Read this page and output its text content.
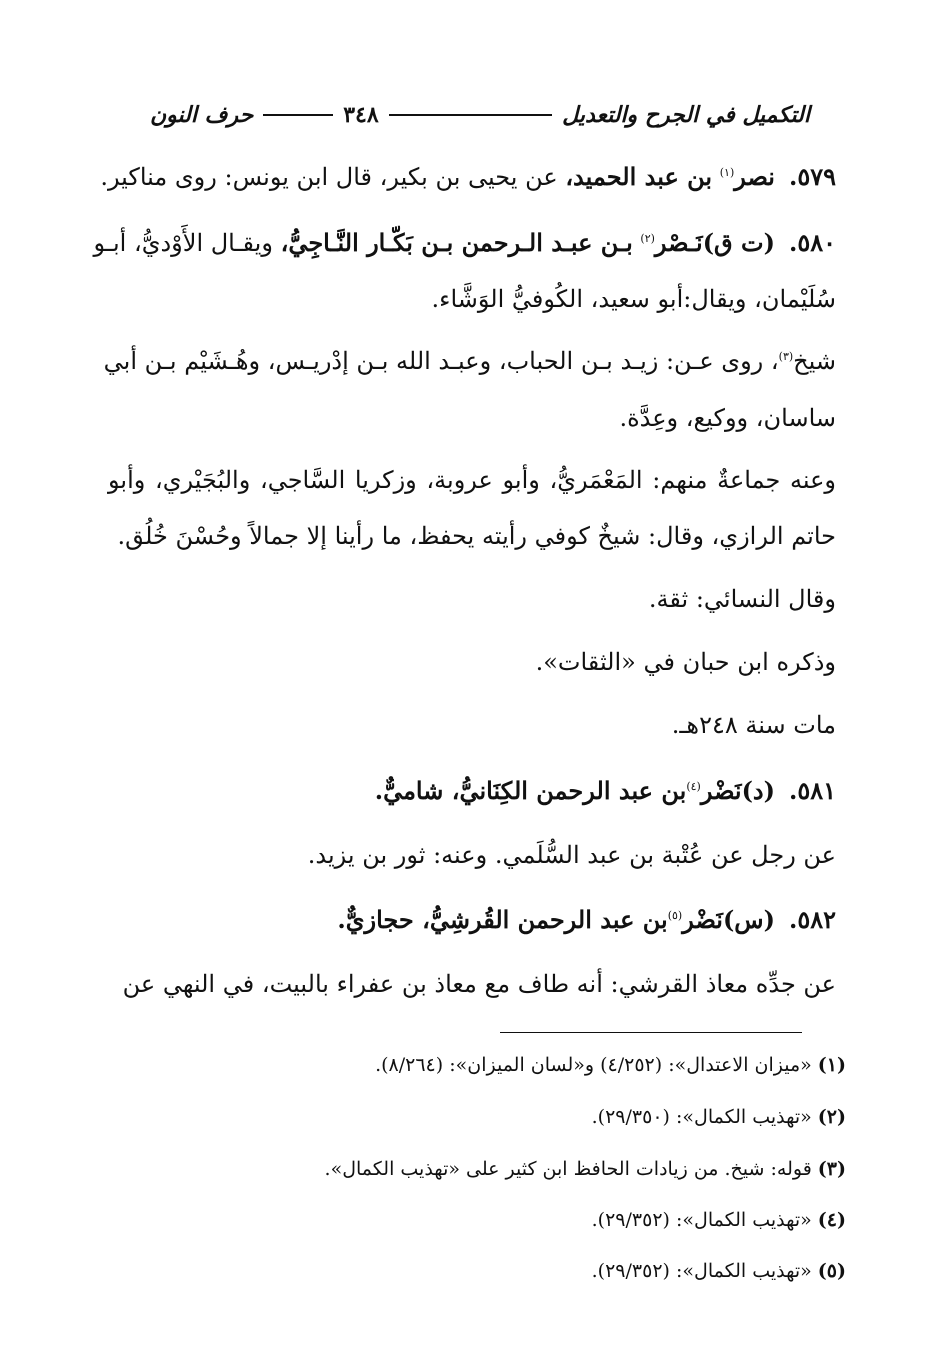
التكميل في الجرح والتعديل
٣٤٨
حرف النون
٥٧٩.نصر$^{(١)}$ بن عبد الحميد، عن يحيى بن بكير، قال ابن يونس: روى مناكير.
٥٨٠.(ت ق)نَـصْر$^{(٢)}$ بـن عبـد الـرحمن بـن بَكّـار النَّـاجِيُّ، ويقـال الأَوْديُّ، أبـو
سُلَيْمان، ويقال:أبو سعيد، الكُوفيُّ الوَشَّاء.
شيخ$^{(٣)}$، روى عـن: زيـد بـن الحباب، وعبـد الله بـن إدْريـس، وهُـشَيْم بـن أبي
ساسان، ووكيع، وعِدَّة.
وعنه جماعةٌ منهم: المَعْمَريُّ، وأبو عروبة، وزكريا السَّاجي، والبُجَيْري، وأبو
حاتم الرازي، وقال: شيخٌ كوفي رأيته يحفظ، ما رأينا إلا جمالاً وحُسْنَ خُلُق.
وقال النسائي: ثقة.
وذكره ابن حبان في «الثقات».
مات سنة ٢٤٨هـ.
٥٨١.(د)نَضْر$^{(٤)}$بن عبد الرحمن الكِنَانيُّ، شاميٌّ.
عن رجل عن عُتْبة بن عبد السُّلَمي. وعنه: ثور بن يزيد.
٥٨٢.(س)نَضْر$^{(٥)}$بن عبد الرحمن القُرشِيُّ، حجازيٌّ.
عن جدِّه معاذ القرشي: أنه طاف مع معاذ بن عفراء بالبيت، في النهي عن
(١)«ميزان الاعتدال»: (٤/٢٥٢) و«لسان الميزان»: (٨/٢٦٤).
(٢)«تهذيب الكمال»: (٢٩/٣٥٠).
(٣)قوله: شيخ. من زيادات الحافظ ابن كثير على «تهذيب الكمال».
(٤)«تهذيب الكمال»: (٢٩/٣٥٢).
(٥)«تهذيب الكمال»: (٢٩/٣٥٢).
